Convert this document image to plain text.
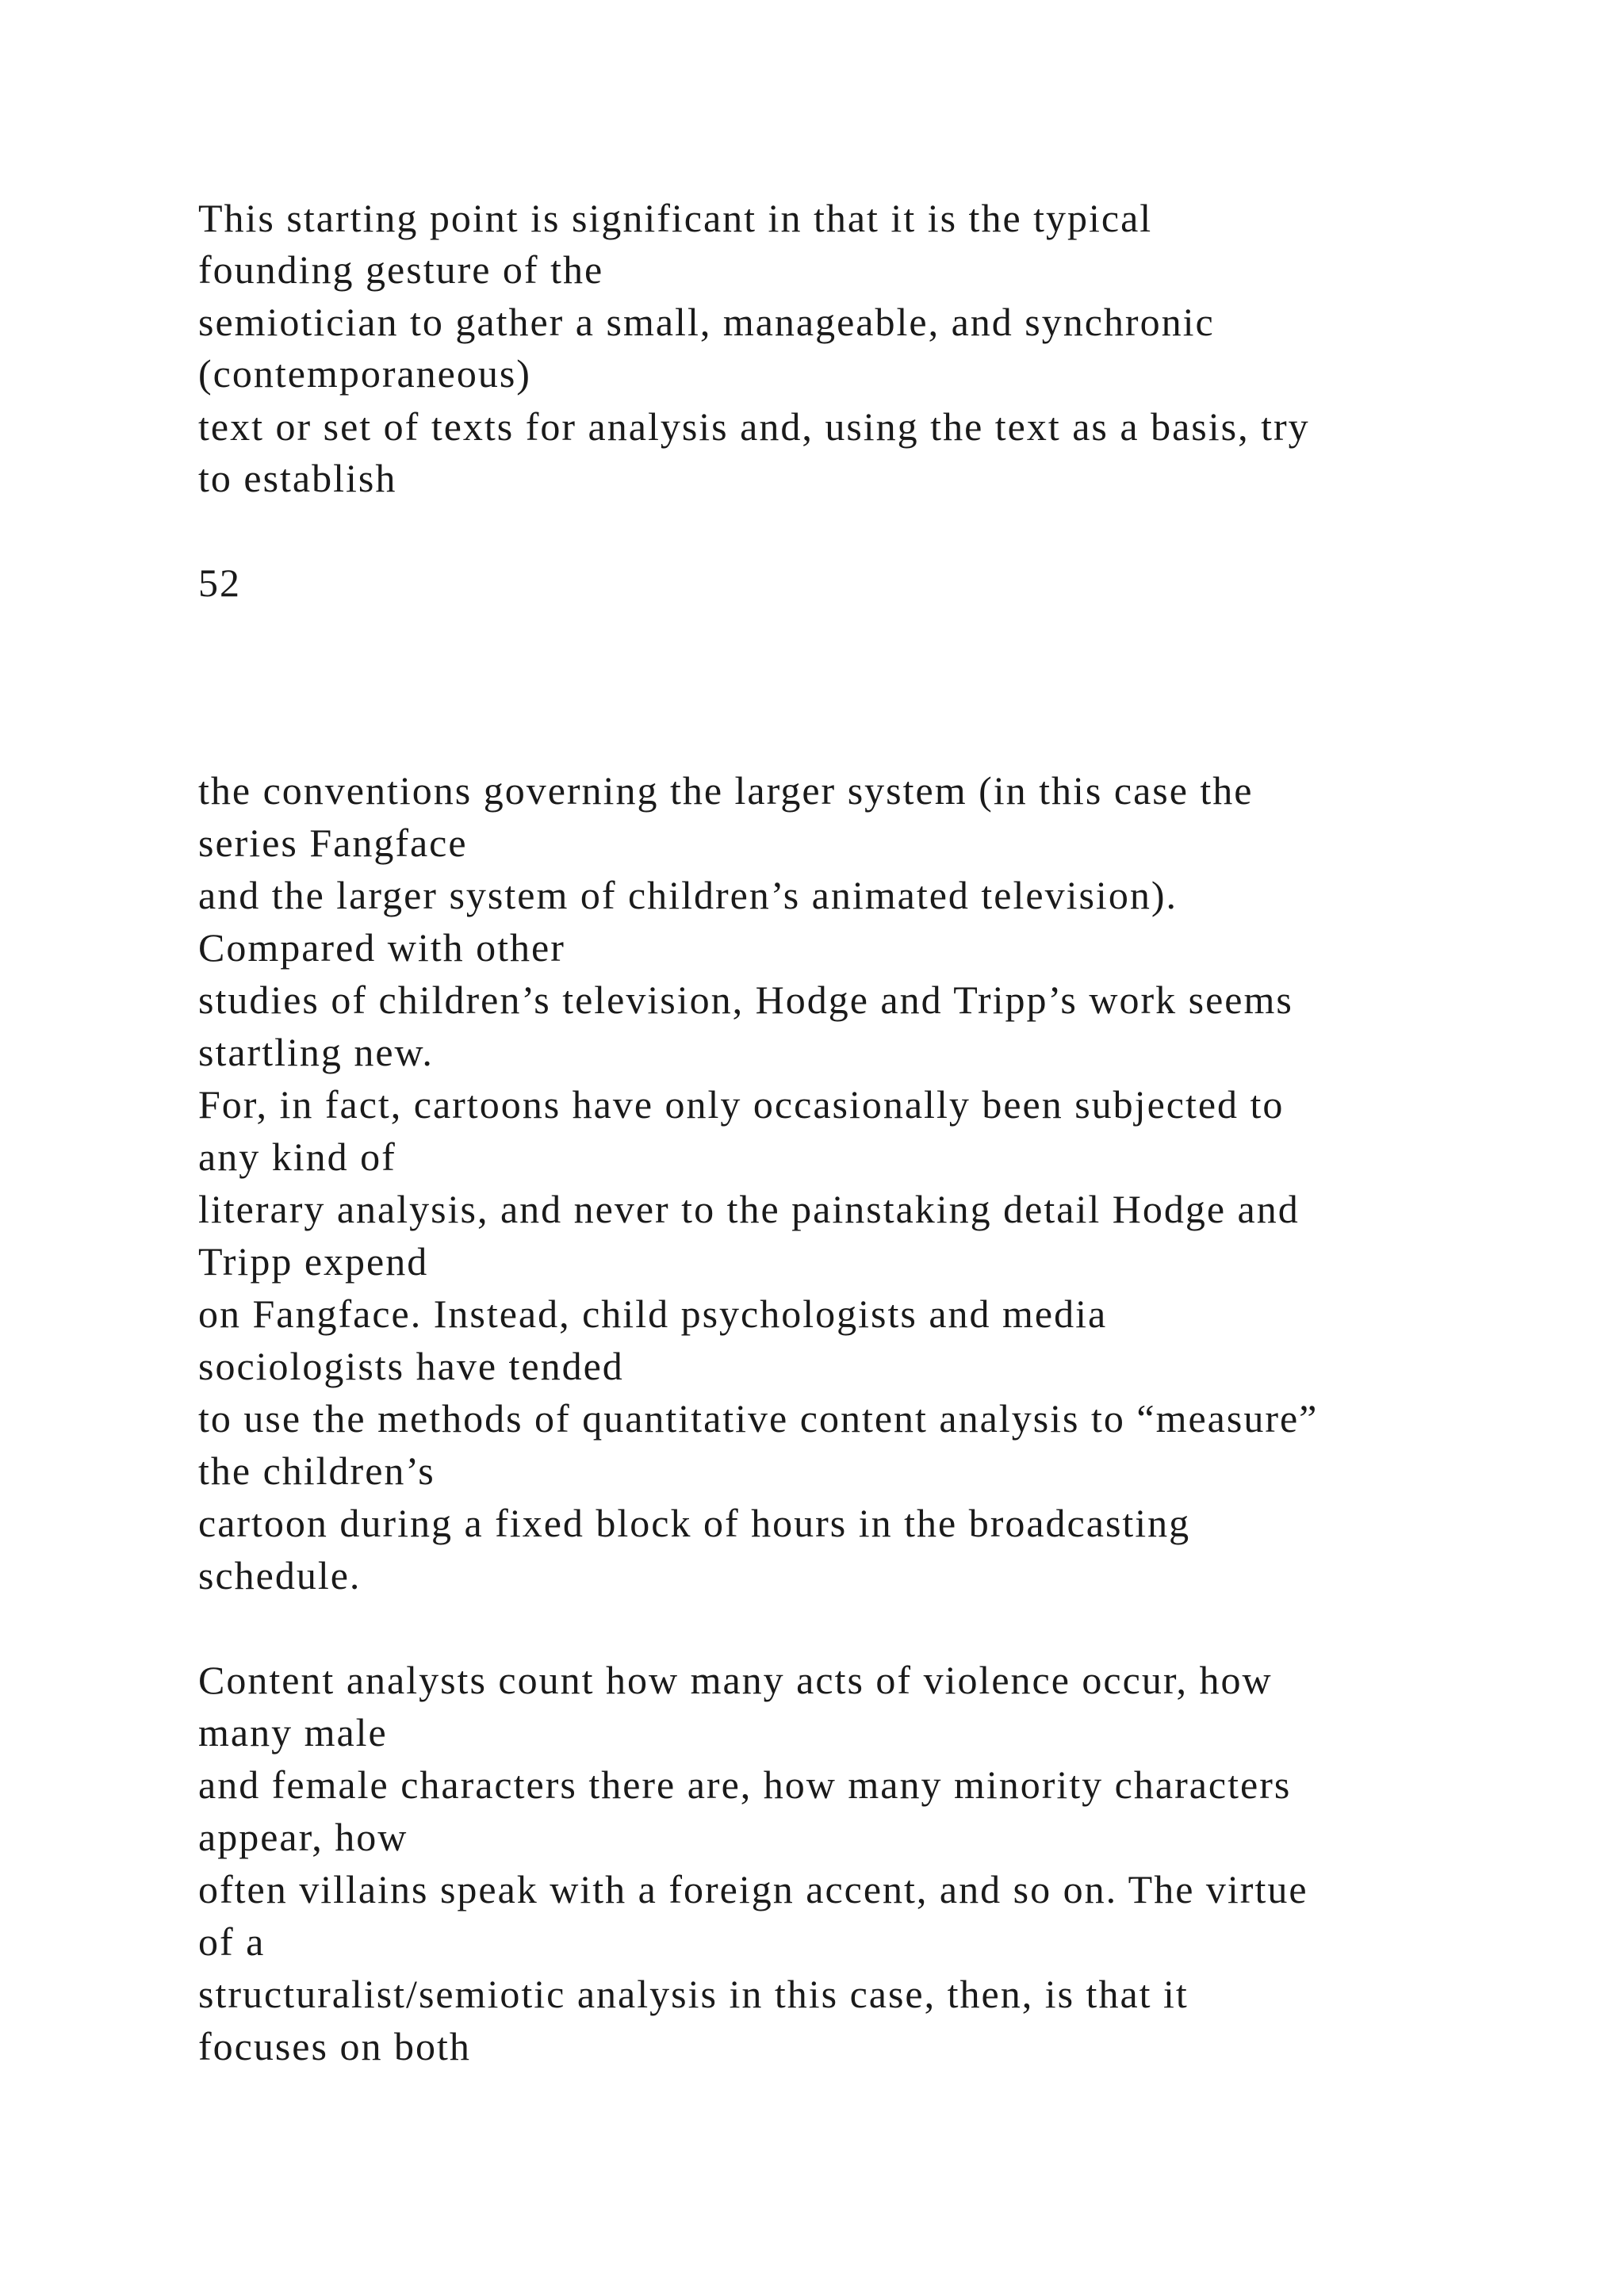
This starting point is significant in that it is the typical
founding gesture of the
semiotician to gather a small, manageable, and synchronic
(contemporaneous)
text or set of texts for analysis and, using the text as a basis, try
to establish
52
the conventions governing the larger system (in this case the
series Fangface
and the larger system of children’s animated television).
Compared with other
studies of children’s television, Hodge and Tripp’s work seems
startling new.
For, in fact, cartoons have only occasionally been subjected to
any kind of
literary analysis, and never to the painstaking detail Hodge and
Tripp expend
on Fangface. Instead, child psychologists and media
sociologists have tended
to use the methods of quantitative content analysis to “measure”
the children’s
cartoon during a fixed block of hours in the broadcasting
schedule.
Content analysts count how many acts of violence occur, how
many male
and female characters there are, how many minority characters
appear, how
often villains speak with a foreign accent, and so on. The virtue
of a
structuralist/semiotic analysis in this case, then, is that it
focuses on both
